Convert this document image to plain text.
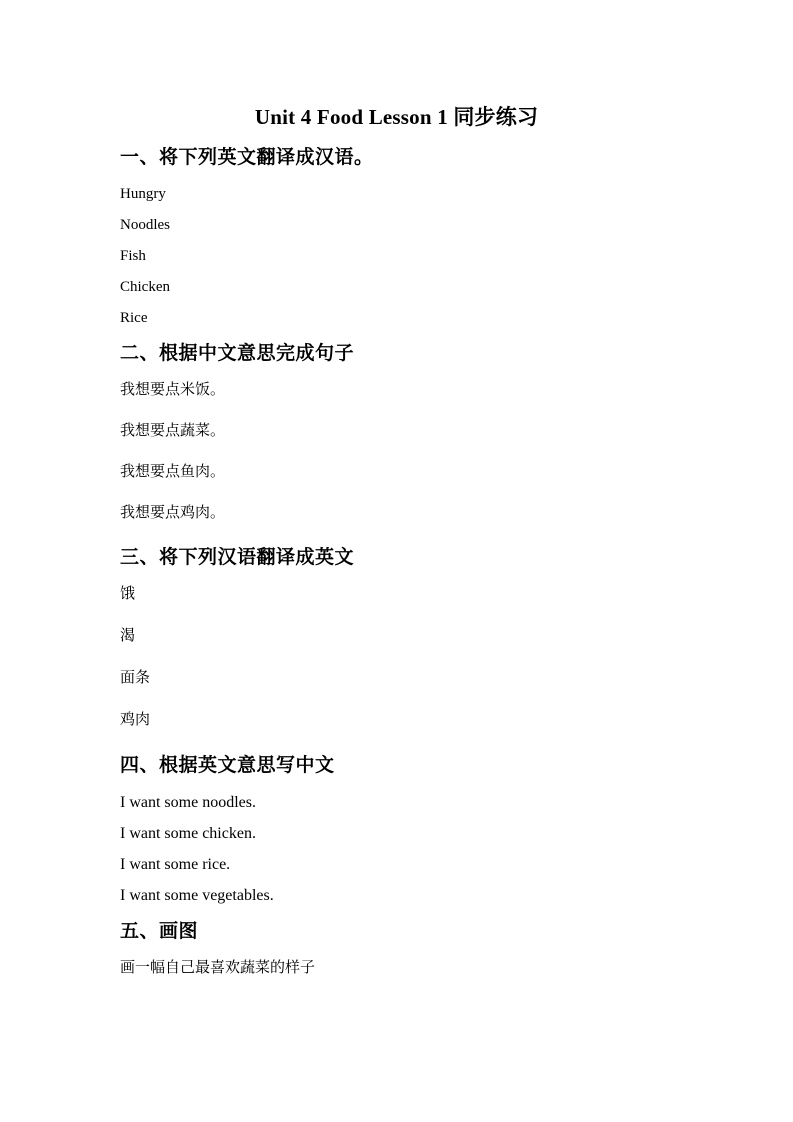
Unit 4 Food Lesson 1 同步练习
一、将下列英文翻译成汉语。
Hungry
Noodles
Fish
Chicken
Rice
二、根据中文意思完成句子
我想要点米饭。
我想要点蔬菜。
我想要点鱼肉。
我想要点鸡肉。
三、将下列汉语翻译成英文
饿
渴
面条
鸡肉
四、根据英文意思写中文
I want some noodles.
I want some chicken.
I want some rice.
I want some vegetables.
五、画图
画一幅自己最喜欢蔬菜的样子
